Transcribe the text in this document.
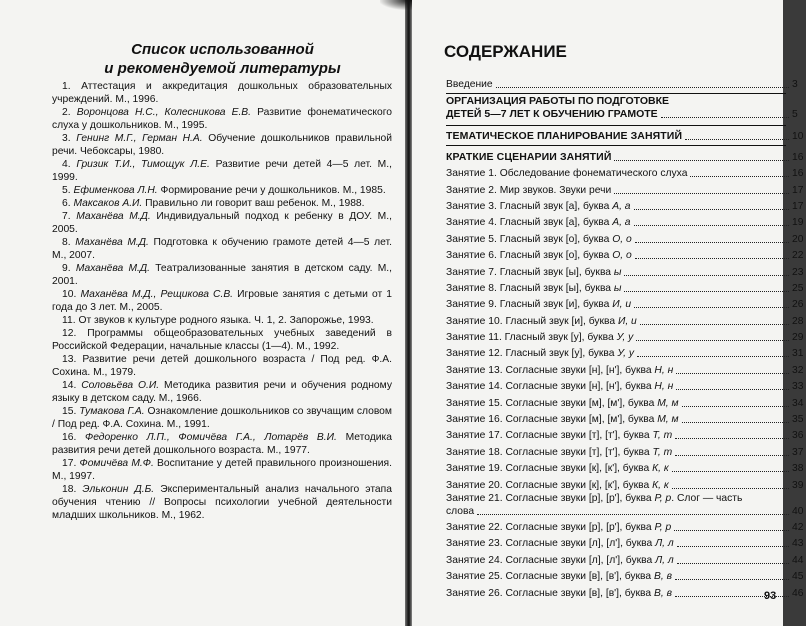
Список использованной
и рекомендуемой литературы
1. Аттестация и аккредитация дошкольных образовательных учреждений. М., 1996.
2. Воронцова Н.С., Колесникова Е.В. Развитие фонематического слуха у дошкольников. М., 1995.
3. Генинг М.Г., Герман Н.А. Обучение дошкольников правильной речи. Чебоксары, 1980.
4. Гризик Т.И., Тимощук Л.Е. Развитие речи детей 4—5 лет. М., 1999.
5. Ефименкова Л.Н. Формирование речи у дошкольников. М., 1985.
6. Максаков А.И. Правильно ли говорит ваш ребенок. М., 1988.
7. Маханёва М.Д. Индивидуальный подход к ребенку в ДОУ. М., 2005.
8. Маханёва М.Д. Подготовка к обучению грамоте детей 4—5 лет. М., 2007.
9. Маханёва М.Д. Театрализованные занятия в детском саду. М., 2001.
10. Маханёва М.Д., Рещикова С.В. Игровые занятия с детьми от 1 года до 3 лет. М., 2005.
11. От звуков к культуре родного языка. Ч. 1, 2. Запорожье, 1993.
12. Программы общеобразовательных учебных заведений в Российской Федерации, начальные классы (1—4). М., 1992.
13. Развитие речи детей дошкольного возраста / Под ред. Ф.А. Сохина. М., 1979.
14. Соловьёва О.И. Методика развития речи и обучения родному языку в детском саду. М., 1966.
15. Тумакова Г.А. Ознакомление дошкольников со звучащим словом / Под ред. Ф.А. Сохина. М., 1991.
16. Федоренко Л.П., Фомичёва Г.А., Лотарёв В.И. Методика развития речи детей дошкольного возраста. М., 1977.
17. Фомичёва М.Ф. Воспитание у детей правильного произношения. М., 1997.
18. Эльконин Д.Б. Экспериментальный анализ начального этапа обучения чтению // Вопросы психологии учебной деятельности младших школьников. М., 1962.
СОДЕРЖАНИЕ
Введение	3
ОРГАНИЗАЦИЯ РАБОТЫ ПО ПОДГОТОВКЕ
ДЕТЕЙ 5—7 ЛЕТ К ОБУЧЕНИЮ ГРАМОТЕ	5
ТЕМАТИЧЕСКОЕ ПЛАНИРОВАНИЕ ЗАНЯТИЙ	10
КРАТКИЕ СЦЕНАРИИ ЗАНЯТИЙ	16
Занятие 1. Обследование фонематического слуха	16
Занятие 2. Мир звуков. Звуки речи	17
Занятие 3. Гласный звук [а], буква А, а	17
Занятие 4. Гласный звук [а], буква А, а	19
Занятие 5. Гласный звук [о], буква О, о	20
Занятие 6. Гласный звук [о], буква О, о	22
Занятие 7. Гласный звук [ы], буква ы	23
Занятие 8. Гласный звук [ы], буква ы	25
Занятие 9. Гласный звук [и], буква И, и	26
Занятие 10. Гласный звук [и], буква И, и	28
Занятие 11. Гласный звук [у], буква У, у	29
Занятие 12. Гласный звук [у], буква У, у	31
Занятие 13. Согласные звуки [н], [н'], буква Н, н	32
Занятие 14. Согласные звуки [н], [н'], буква Н, н	33
Занятие 15. Согласные звуки [м], [м'], буква М, м	34
Занятие 16. Согласные звуки [м], [м'], буква М, м	35
Занятие 17. Согласные звуки [т], [т'], буква Т, т	36
Занятие 18. Согласные звуки [т], [т'], буква Т, т	37
Занятие 19. Согласные звуки [к], [к'], буква К, к	38
Занятие 20. Согласные звуки [к], [к'], буква К, к	39
Занятие 21. Согласные звуки [р], [р'], буква Р, р. Слог — часть
слова	40
Занятие 22. Согласные звуки [р], [р'], буква Р, р	42
Занятие 23. Согласные звуки [л], [л'], буква Л, л	43
Занятие 24. Согласные звуки [л], [л'], буква Л, л	44
Занятие 25. Согласные звуки [в], [в'], буква В, в	45
Занятие 26. Согласные звуки [в], [в'], буква В, в	46
93
